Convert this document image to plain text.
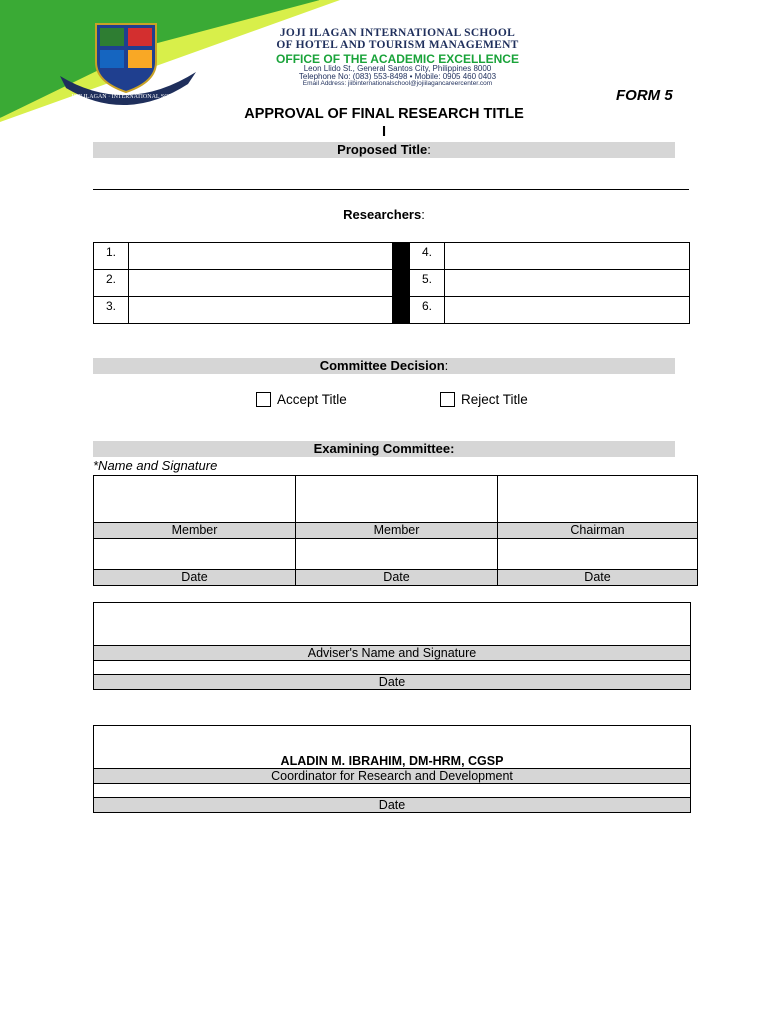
JOJI ILAGAN · INTERNATIONAL SCHOOL
JOJI ILAGAN INTERNATIONAL SCHOOL
OF HOTEL AND TOURISM MANAGEMENT
OFFICE OF THE ACADEMIC EXCELLENCE
Leon Llido St., General Santos City, Philippines 8000
Telephone No: (083) 553-8498 • Mobile: 0905 460 0403
Email Address: jiibinternationalschool@jojiilagancareercenter.com
FORM 5
APPROVAL OF FINAL RESEARCH TITLE
I
Proposed Title:
Researchers:
1.			4.	
2.			5.	
3.			6.	
Committee Decision:
Accept Title	Reject Title
Examining Committee:
*Name and Signature

Member	Member	Chairman

Date	Date	Date
Adviser's Name and Signature
Date
ALADIN M. IBRAHIM, DM-HRM, CGSP
Coordinator for Research and Development
Date
